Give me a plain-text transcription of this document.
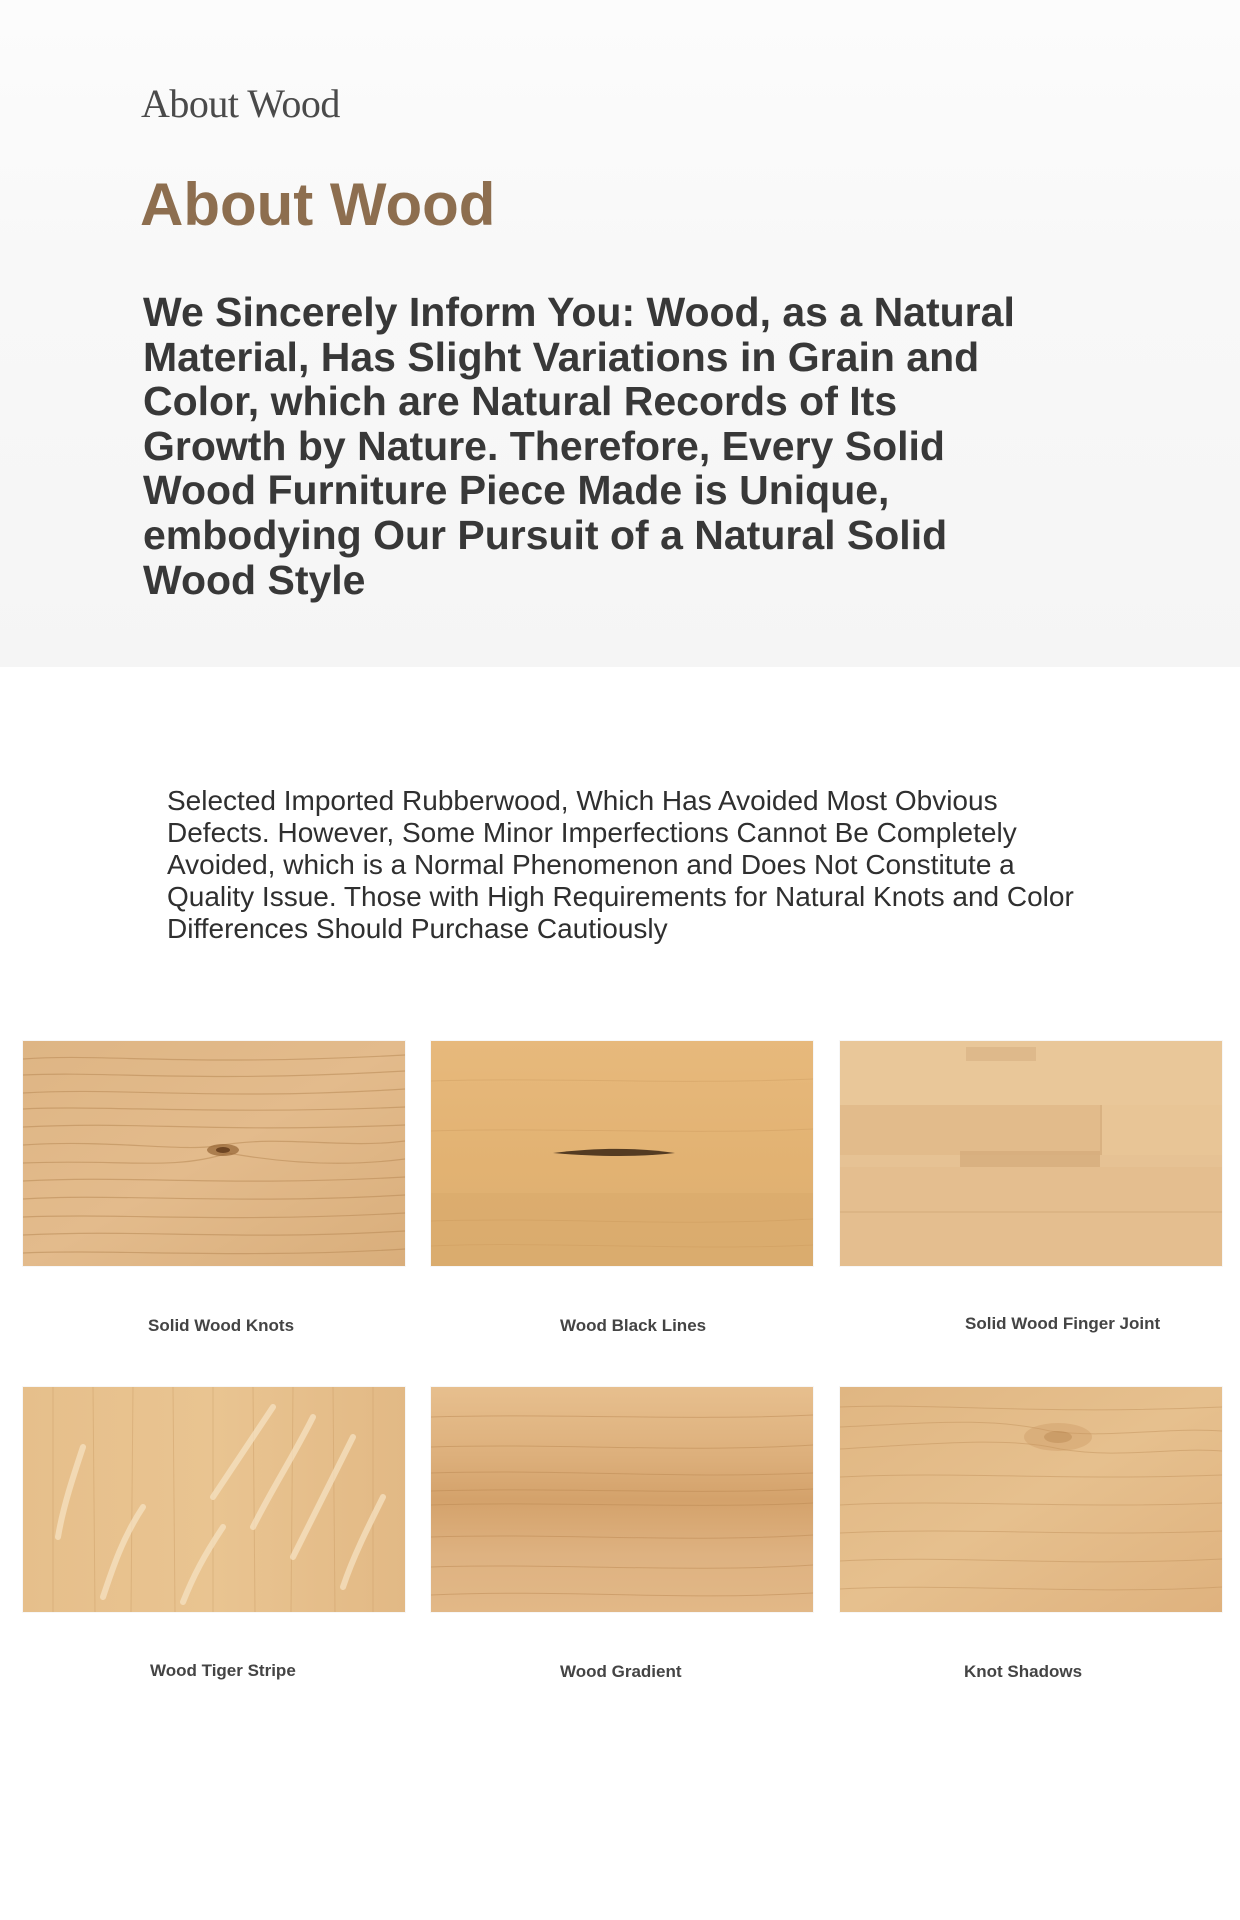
About Wood
About Wood

We Sincerely Inform You: Wood, as a Natural Material, Has Slight Variations in Grain and Color, which are Natural Records of Its Growth by Nature. Therefore, Every Solid Wood Furniture Piece Made is Unique, embodying Our Pursuit of a Natural Solid Wood Style

Selected Imported Rubberwood, Which Has Avoided Most Obvious Defects. However, Some Minor Imperfections Cannot Be Completely Avoided, which is a Normal Phenomenon and Does Not Constitute a Quality Issue. Those with High Requirements for Natural Knots and Color Differences Should Purchase Cautiously

Solid Wood Knots	Wood Black Lines	Solid Wood Finger Joint
Wood Tiger Stripe	Wood Gradient	Knot Shadows
